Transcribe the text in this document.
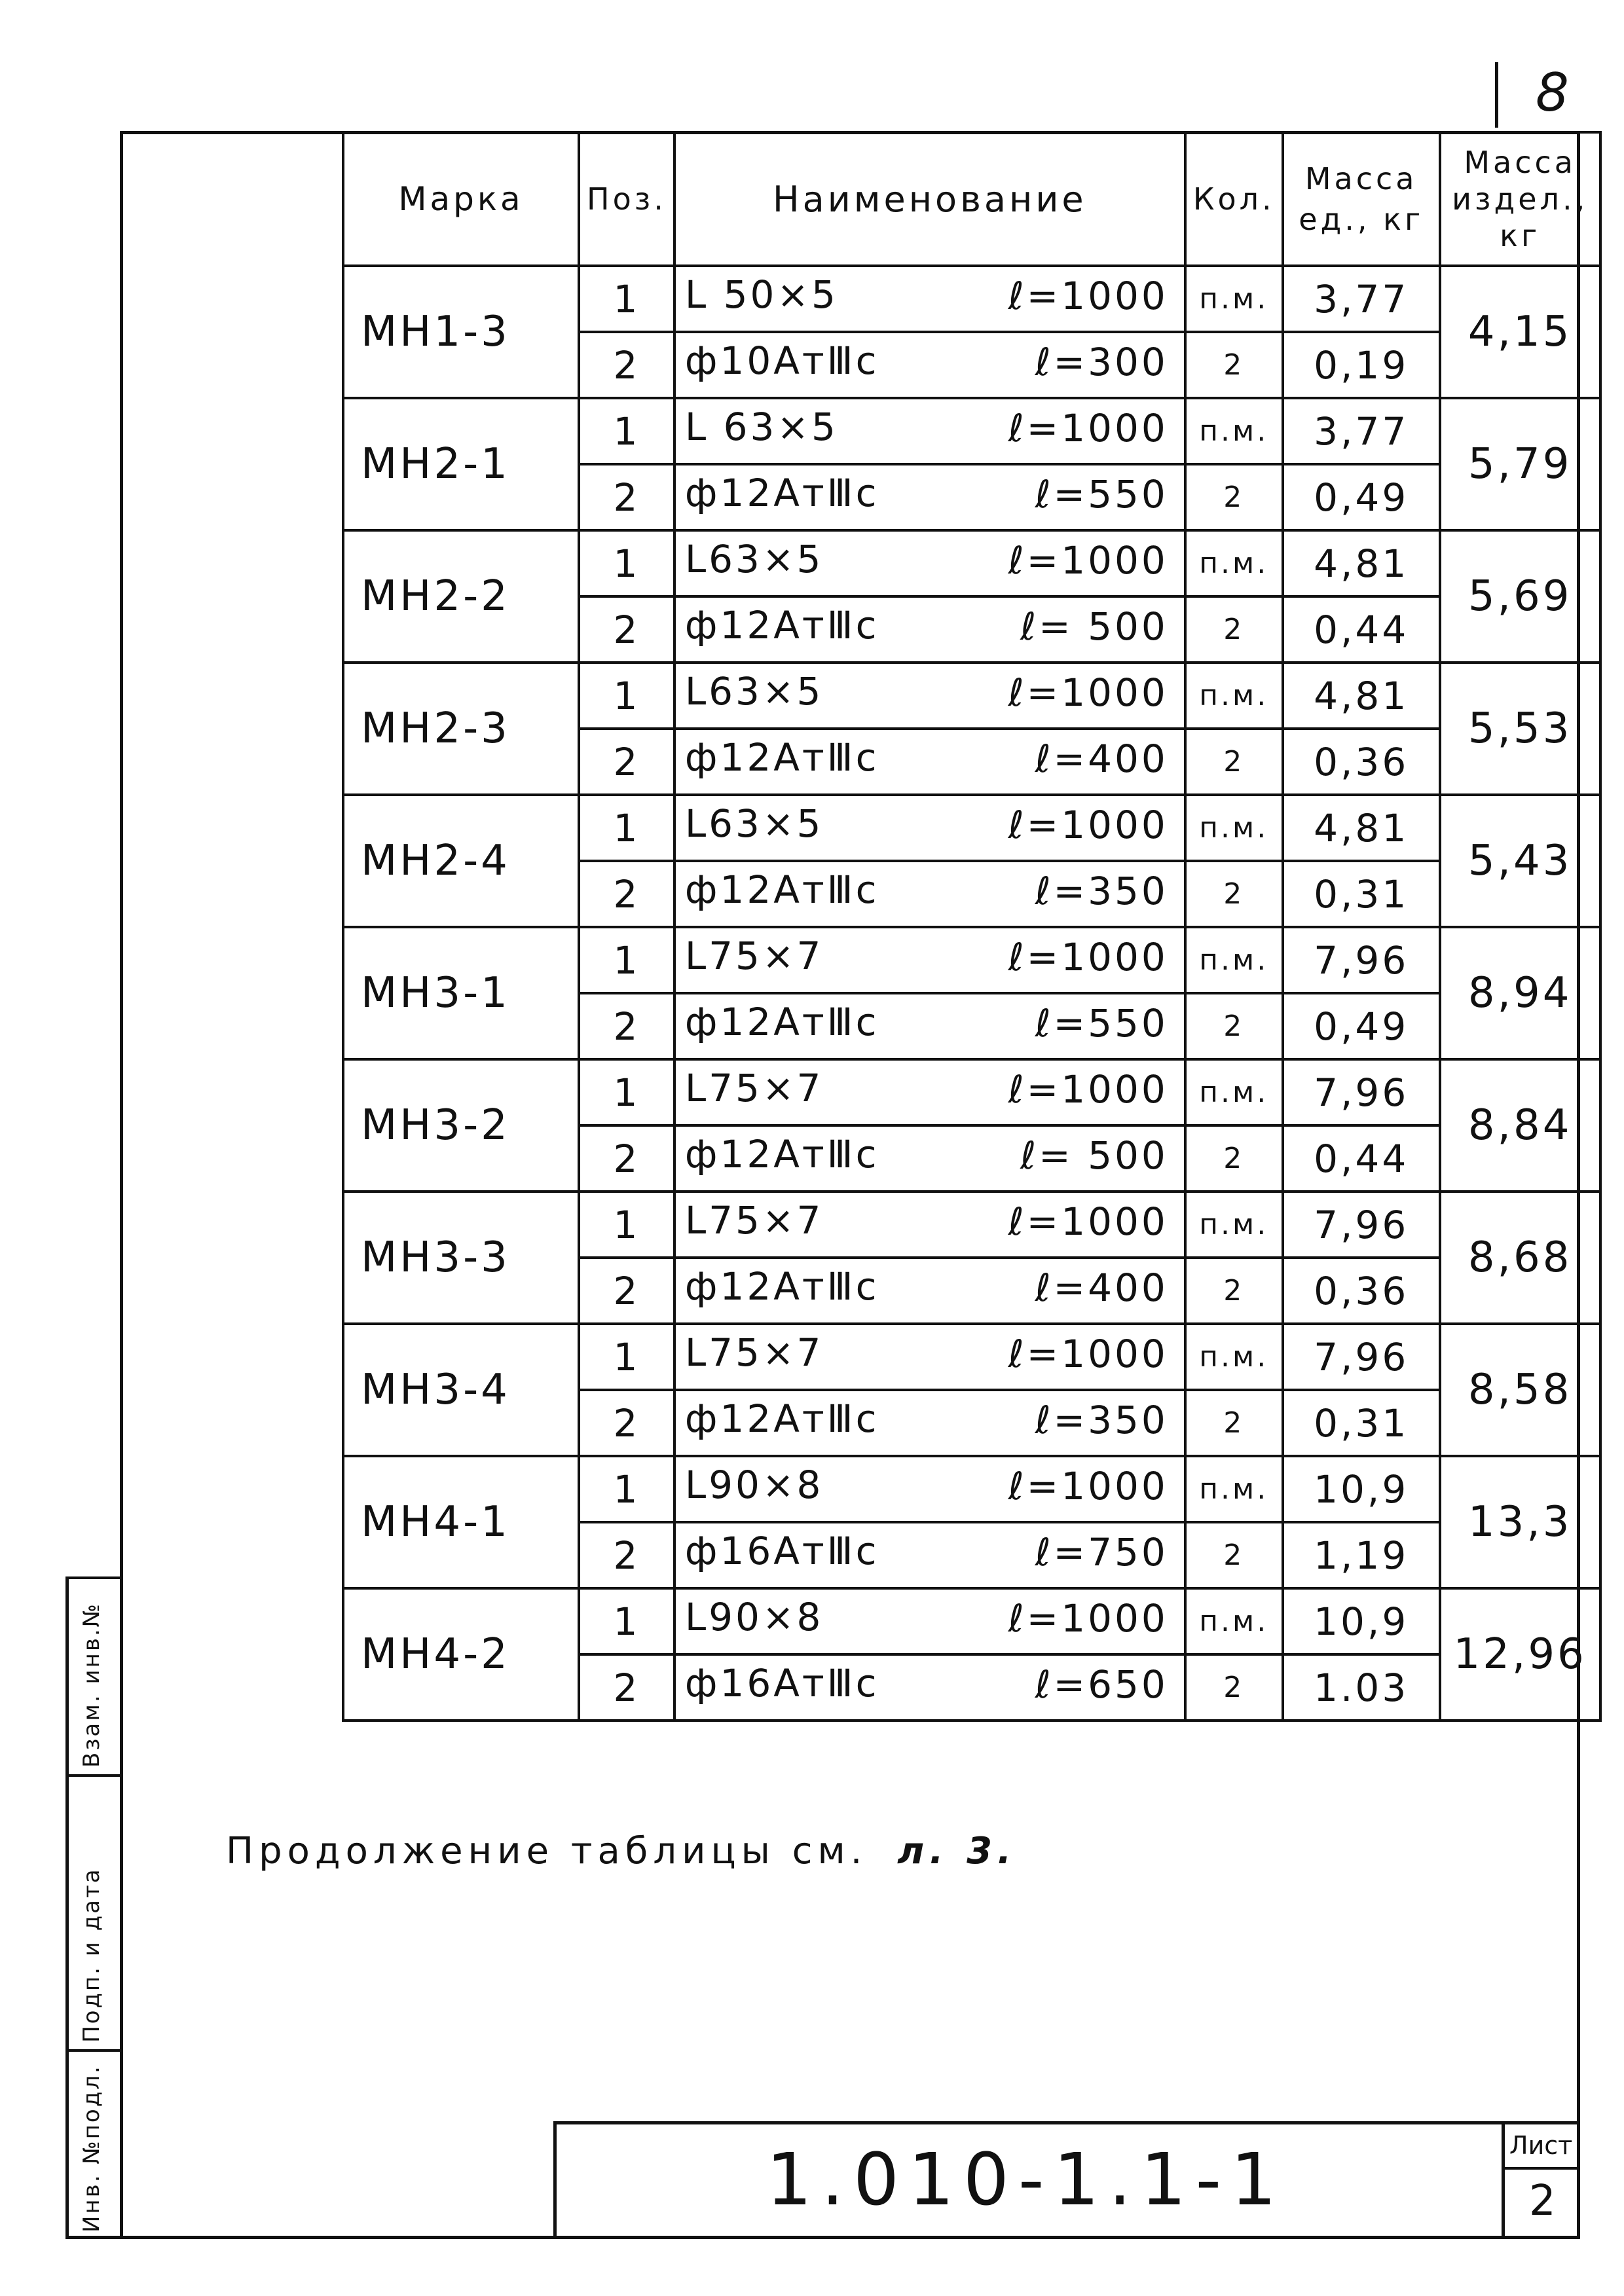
8
Взам. инв.№
Подп. и дата
Инв. №подл.
Марка	Поз.	Наименование	Кол.	Масса ед., кг	Масса издел., кг
МН1-3	1	L 50×5 ℓ=1000	п.м.	3,77	4,15
	2	ф10АтⅢс ℓ=300	2	0,19	
МН2-1	1	L 63×5 ℓ=1000	п.м.	3,77	5,79
	2	ф12АтⅢс ℓ=550	2	0,49	
МН2-2	1	L63×5 ℓ=1000	п.м.	4,81	5,69
	2	ф12АтⅢс ℓ= 500	2	0,44	
МН2-3	1	L63×5 ℓ=1000	п.м.	4,81	5,53
	2	ф12АтⅢс ℓ=400	2	0,36	
МН2-4	1	L63×5 ℓ=1000	п.м.	4,81	5,43
	2	ф12АтⅢс ℓ=350	2	0,31	
МН3-1	1	L75×7 ℓ=1000	п.м.	7,96	8,94
	2	ф12АтⅢс ℓ=550	2	0,49	
МН3-2	1	L75×7 ℓ=1000	п.м.	7,96	8,84
	2	ф12АтⅢс ℓ= 500	2	0,44	
МН3-3	1	L75×7 ℓ=1000	п.м.	7,96	8,68
	2	ф12АтⅢс ℓ=400	2	0,36	
МН3-4	1	L75×7 ℓ=1000	п.м.	7,96	8,58
	2	ф12АтⅢс ℓ=350	2	0,31	
МН4-1	1	L90×8 ℓ=1000	п.м.	10,9	13,3
	2	ф16АтⅢс ℓ=750	2	1,19	
МН4-2	1	L90×8 ℓ=1000	п.м.	10,9	12,96
	2	ф16АтⅢс ℓ=650	2	1.03	
Продолжение таблицы см. л. 3.
1.010-1.1-1	Лист
2
